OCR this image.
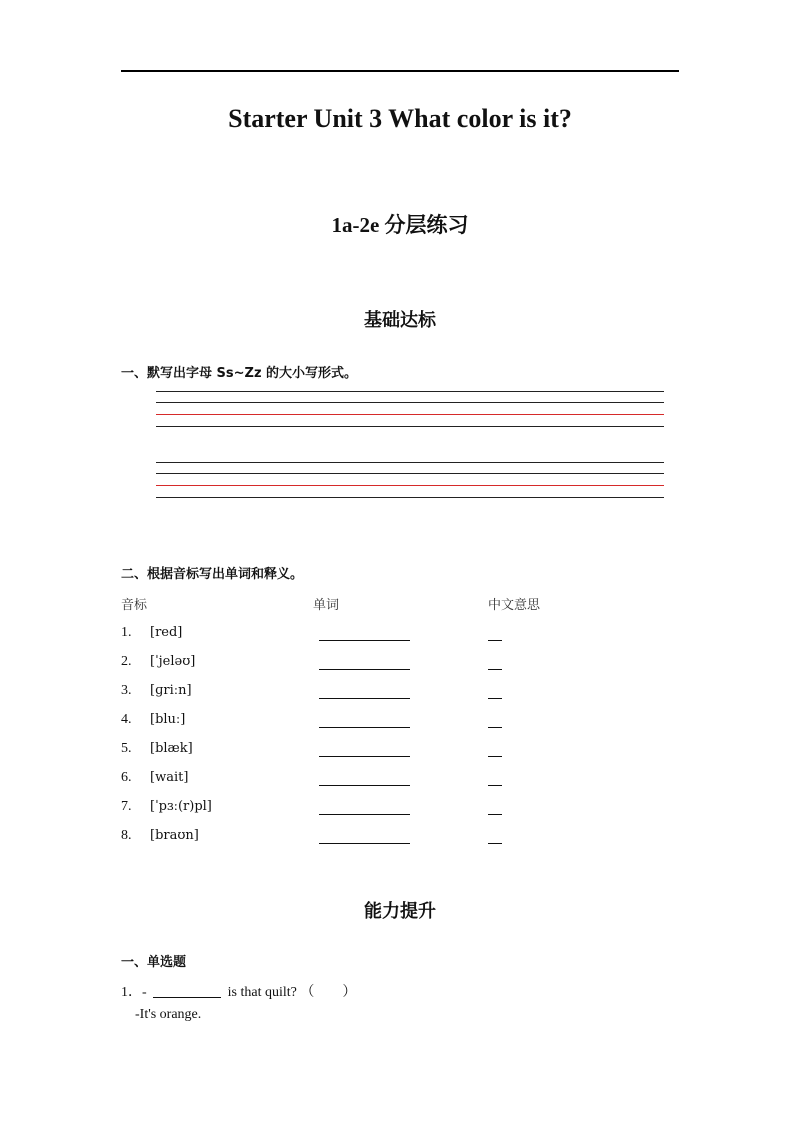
Starter Unit 3 What color is it?
1a-2e 分层练习
基础达标
一、默写出字母 Ss~Zz 的大小写形式。
二、根据音标写出单词和释义。
音标	单词	中文意思
1. [red]
2. [ˈjeləʊ]
3. [ɡriːn]
4. [bluː]
5. [blæk]
6. [wait]
7. [ˈpɜː(r)pl]
8. [braʊn]
能力提升
一、单选题
1．-	is that quilt? （　　）
-It's orange.
